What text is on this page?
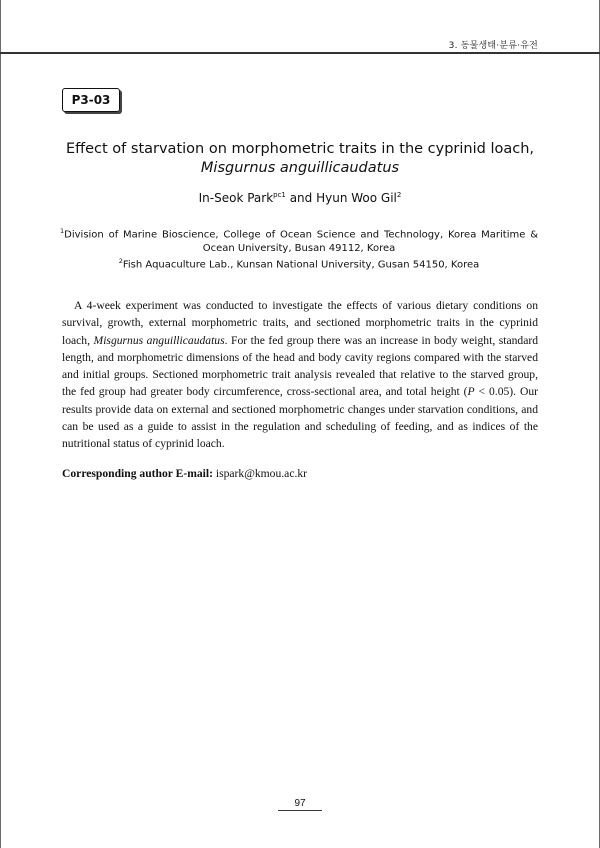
3. 동물생태·분류·유전
P3-03
Effect of starvation on morphometric traits in the cyprinid loach,
Misgurnus anguillicaudatus
In-Seok Park$^{pc1}$ and Hyun Woo Gil$^2$

$^1$Division of Marine Bioscience, College of Ocean Science and Technology, Korea Maritime & Ocean University, Busan 49112, Korea

$^2$Fish Aquaculture Lab., Kunsan National University, Gusan 54150, Korea

A 4-week experiment was conducted to investigate the effects of various dietary conditions on survival, growth, external morphometric traits, and sectioned morphometric traits in the cyprinid loach, Misgurnus anguillicaudatus. For the fed group there was an increase in body weight, standard length, and morphometric dimensions of the head and body cavity regions compared with the starved and initial groups. Sectioned morphometric trait analysis revealed that relative to the starved group, the fed group had greater body circumference, cross-sectional area, and total height (P < 0.05). Our results provide data on external and sectioned morphometric changes under starvation conditions, and can be used as a guide to assist in the regulation and scheduling of feeding, and as indices of the nutritional status of cyprinid loach.

Corresponding author E-mail: ispark@kmou.ac.kr
97
